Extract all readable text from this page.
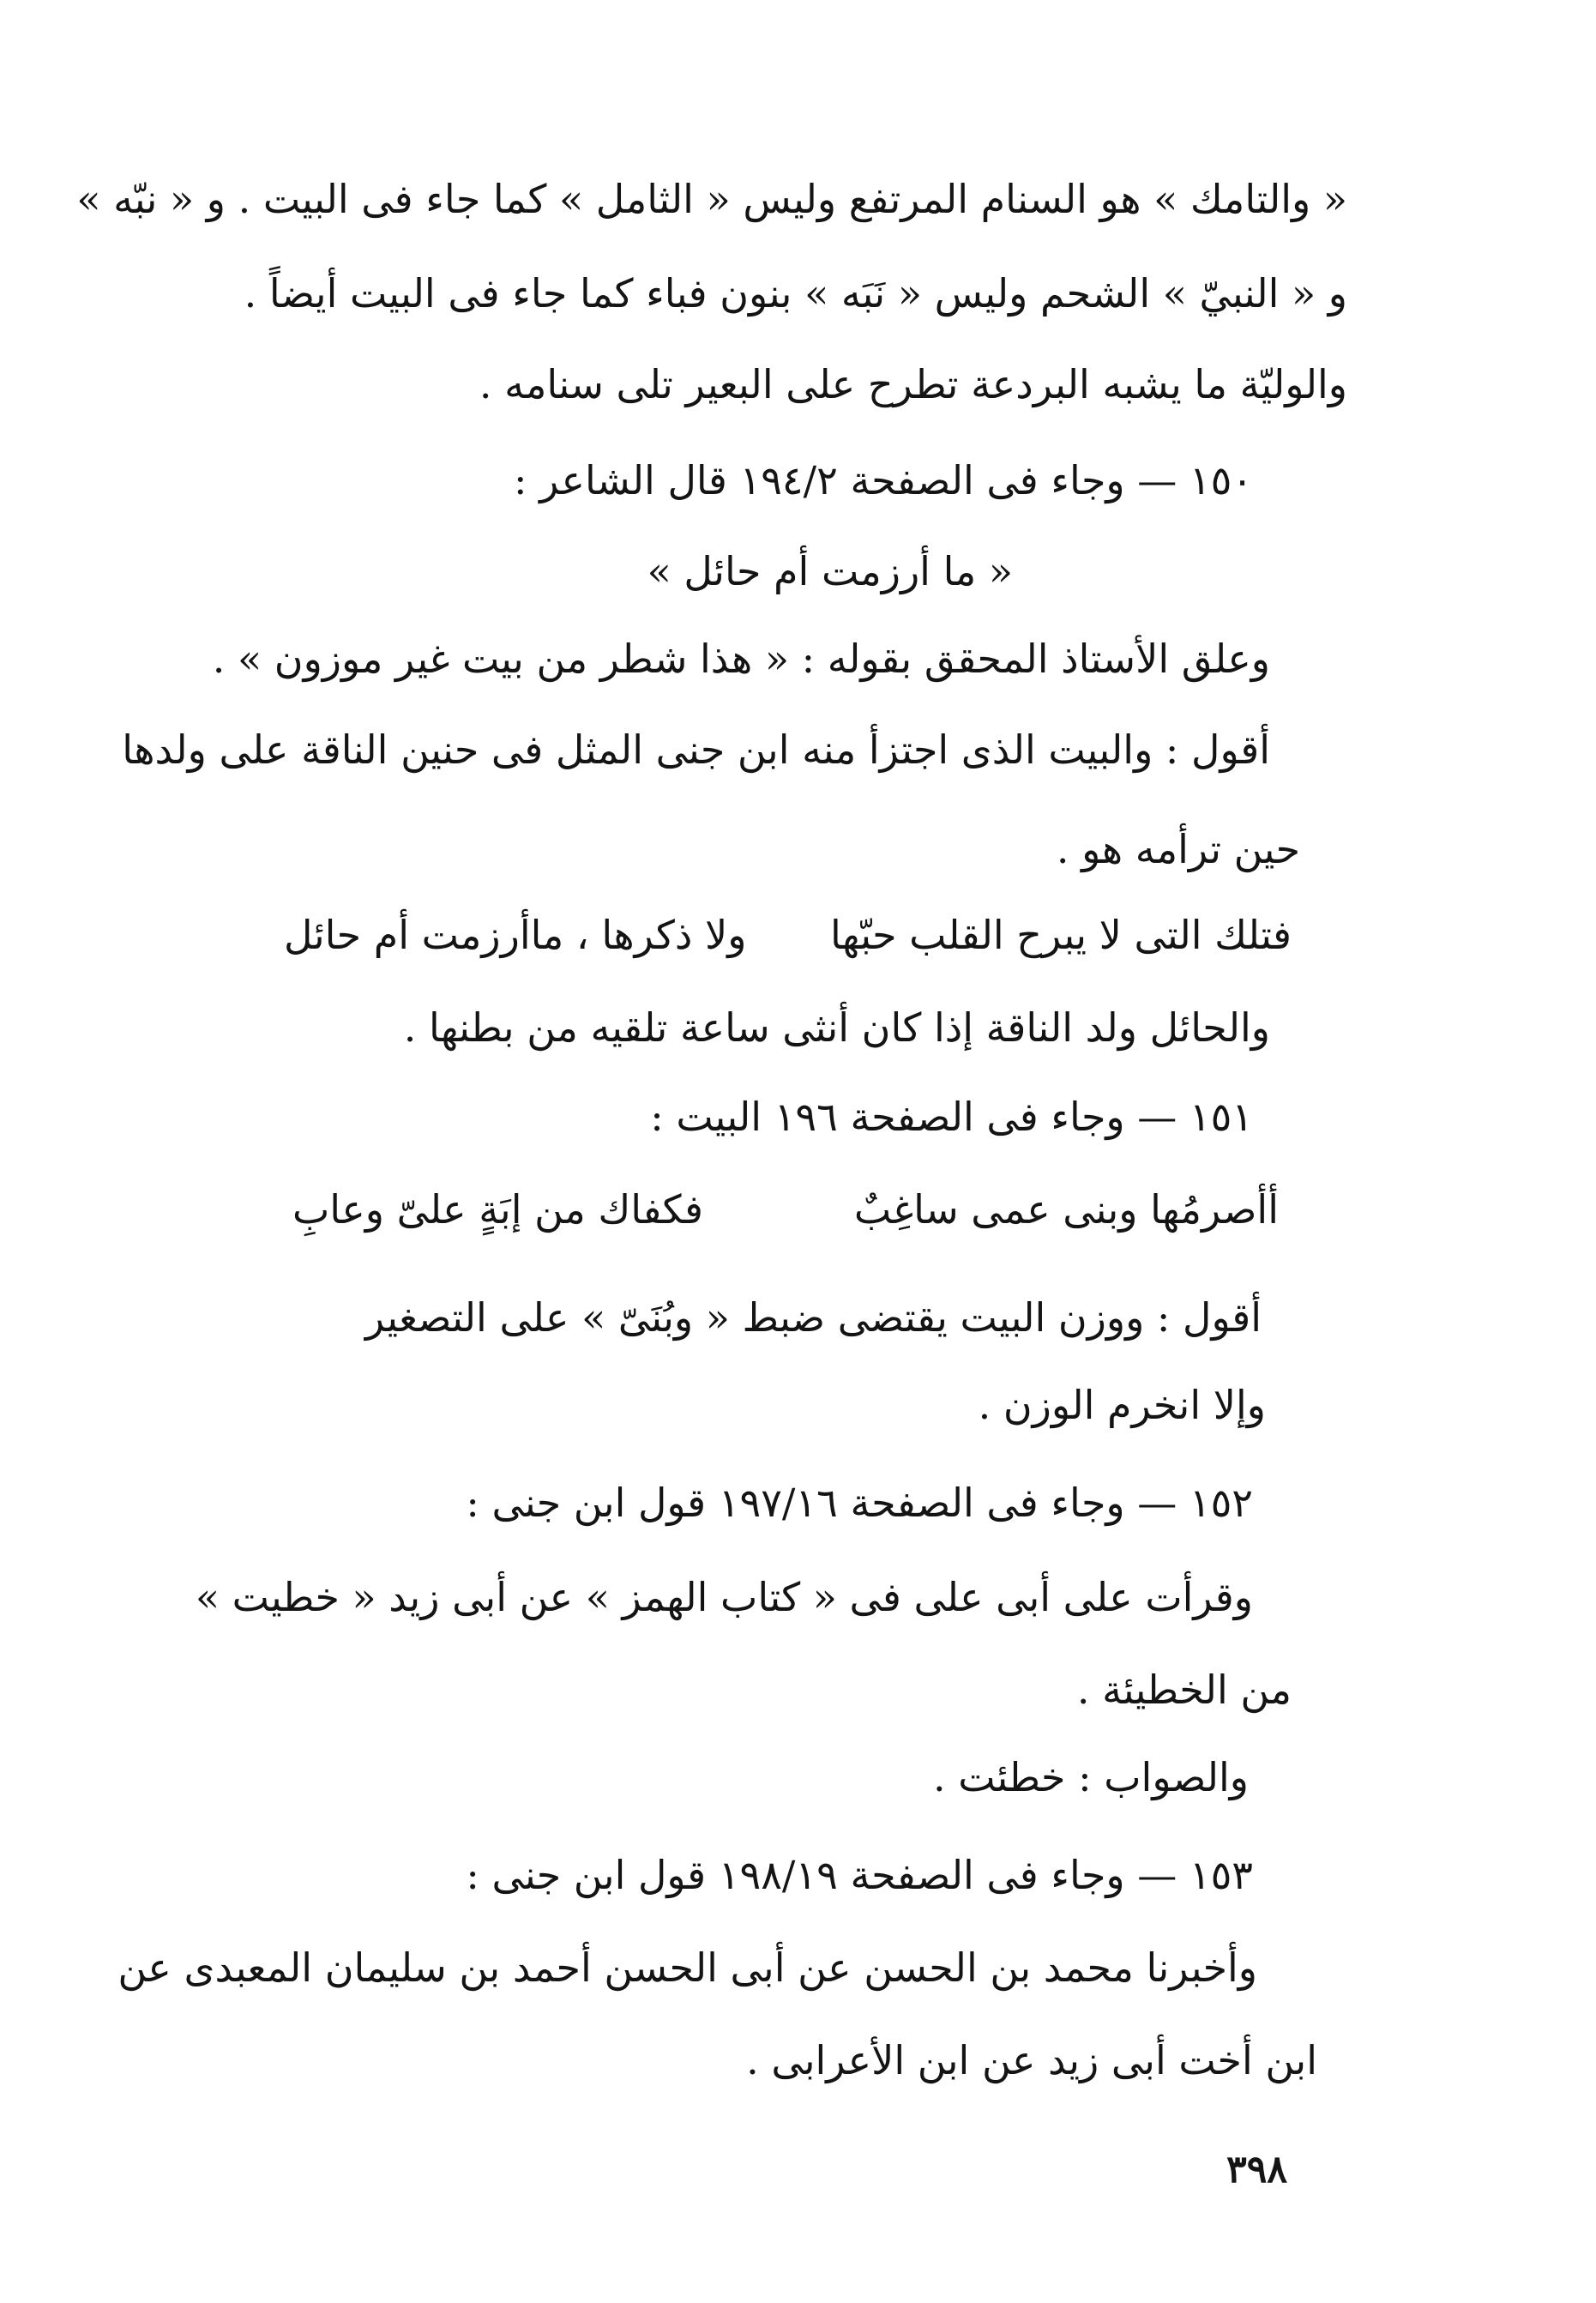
« والتامك » هو السنام المرتفع وليس « الثامل » كما جاء فى البيت . و « نبّه »
و « النبيّ » الشحم وليس « نَبَه » بنون فباء كما جاء فى البيت أيضاً .
والوليّة ما يشبه البردعة تطرح على البعير تلى سنامه .
١٥٠ — وجاء فى الصفحة ١٩٤/٢ قال الشاعر :
« ما أرزمت أم حائل »
وعلق الأستاذ المحقق بقوله : « هذا شطر من بيت غير موزون » .
أقول : والبيت الذى اجتزأ منه ابن جنى المثل فى حنين الناقة على ولدها
حين ترأمه هو .
فتلك التى لا يبرح القلب حبّها
ولا ذكرها ، ماأرزمت أم حائل
والحائل ولد الناقة إذا كان أنثى ساعة تلقيه من بطنها .
١٥١ — وجاء فى الصفحة ١٩٦ البيت :
أأصرمُها وبنى عمى ساغِبٌ
فكفاك من إبَةٍ علىّ وعابِ
أقول : ووزن البيت يقتضى ضبط « وبُنَىّ » على التصغير
وإلا انخرم الوزن .
١٥٢ — وجاء فى الصفحة ١٩٧/١٦ قول ابن جنى :
وقرأت على أبى على فى « كتاب الهمز » عن أبى زيد « خطيت »
من الخطيئة .
والصواب : خطئت .
١٥٣ — وجاء فى الصفحة ١٩٨/١٩ قول ابن جنى :
وأخبرنا محمد بن الحسن عن أبى الحسن أحمد بن سليمان المعبدى عن
ابن أخت أبى زيد عن ابن الأعرابى .
٣٩٨
